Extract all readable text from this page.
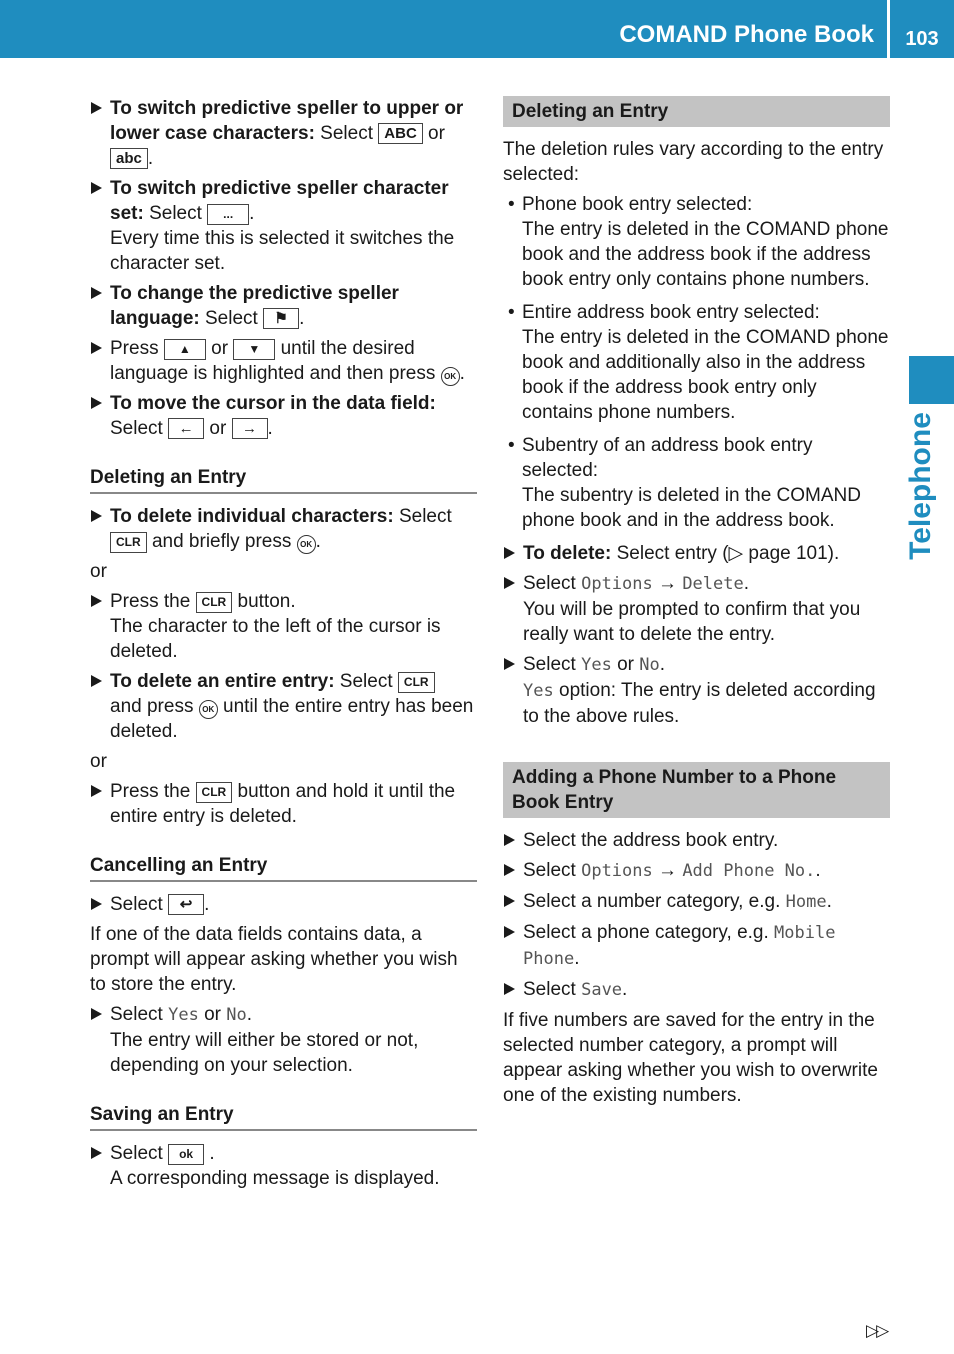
COMAND Phone Book	103
Telephone
To switch predictive speller to upper or lower case characters: Select ABC or
abc .
To switch predictive speller character set: Select ... .
Every time this is selected it switches the character set.
To change the predictive speller language: Select ⚑ .
Press ▲ or ▼ until the desired language is highlighted and then press OK .
To move the cursor in the data field:
Select ← or → .
Deleting an Entry
To delete individual characters: Select
CLR and briefly press OK .
or
Press the CLR button.
The character to the left of the cursor is deleted.
To delete an entire entry: Select CLR
and press OK until the entire entry has been deleted.
or
Press the CLR button and hold it until the entire entry is deleted.
Cancelling an Entry
Select ↩ .
If one of the data fields contains data, a prompt will appear asking whether you wish to store the entry.
Select Yes or No.
The entry will either be stored or not, depending on your selection.
Saving an Entry
Select ok .
A corresponding message is displayed.
Deleting an Entry
The deletion rules vary according to the entry selected:
• Phone book entry selected:
The entry is deleted in the COMAND phone book and the address book if the address book entry only contains phone numbers.
• Entire address book entry selected:
The entry is deleted in the COMAND phone book and additionally also in the address book if the address book entry only contains phone numbers.
• Subentry of an address book entry selected:
The subentry is deleted in the COMAND phone book and in the address book.
To delete: Select entry (▷ page 101).
Select Options → Delete.
You will be prompted to confirm that you really want to delete the entry.
Select Yes or No.
Yes option: The entry is deleted according to the above rules.
Adding a Phone Number to a Phone Book Entry
Select the address book entry.
Select Options → Add Phone No..
Select a number category, e.g. Home.
Select a phone category, e.g. Mobile Phone.
Select Save.
If five numbers are saved for the entry in the selected number category, a prompt will appear asking whether you wish to overwrite one of the existing numbers.
▷▷
